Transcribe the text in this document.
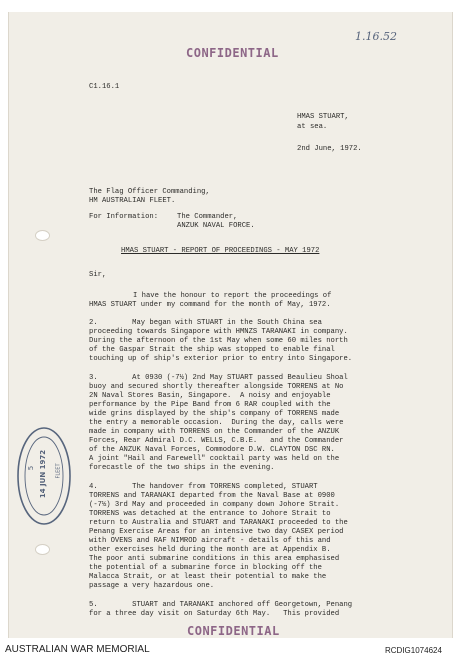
CONFIDENTIAL
1.16.52
C1.16.1
HMAS STUART,
at sea.
2nd June, 1972.
The Flag Officer Commanding,
HM AUSTRALIAN FLEET.
For Information:	The Commander,
ANZUK NAVAL FORCE.
HMAS STUART - REPORT OF PROCEEDINGS - MAY 1972
Sir,
I have the honour to report the proceedings of
HMAS STUART under my command for the month of May, 1972.
2.        May began with STUART in the South China sea
proceeding towards Singapore with HMNZS TARANAKI in company.
During the afternoon of the 1st May when some 60 miles north
of the Gaspar Strait the ship was stopped to enable final
touching up of ship's exterior prior to entry into Singapore.
3.        At 0930 (-7½) 2nd May STUART passed Beaulieu Shoal
buoy and secured shortly thereafter alongside TORRENS at No
2N Naval Stores Basin, Singapore.  A noisy and enjoyable
performance by the Pipe Band from 6 RAR coupled with the
wide grins displayed by the ship's company of TORRENS made
the entry a memorable occasion.  During the day, calls were
made in company with TORRENS on the Commander of the ANZUK
Forces, Rear Admiral D.C. WELLS, C.B.E.   and the Commander
of the ANZUK Naval Forces, Commodore D.W. CLAYTON DSC RN.
A joint "Hail and Farewell" cocktail party was held on the
forecastle of the two ships in the evening.
4.        The handover from TORRENS completed, STUART
TORRENS and TARANAKI departed from the Naval Base at 0900
(-7½) 3rd May and proceeded in company down Johore Strait.
TORRENS was detached at the entrance to Johore Strait to
return to Australia and STUART and TARANAKI proceeded to the
Penang Exercise Areas for an intensive two day CASEX period
with OVENS and RAF NIMROD aircraft - details of this and
other exercises held during the month are at Appendix B.
The poor anti submarine conditions in this area emphasised
the potential of a submarine force in blocking off the
Malacca Strait, or at least their potential to make the
passage a very hazardous one.
5.        STUART and TARANAKI anchored off Georgetown, Penang
for a three day visit on Saturday 6th May.   This provided
CONFIDENTIAL
5 14 JUN 1972 FLEET
AUSTRALIAN WAR MEMORIAL	RCDIG1074624
